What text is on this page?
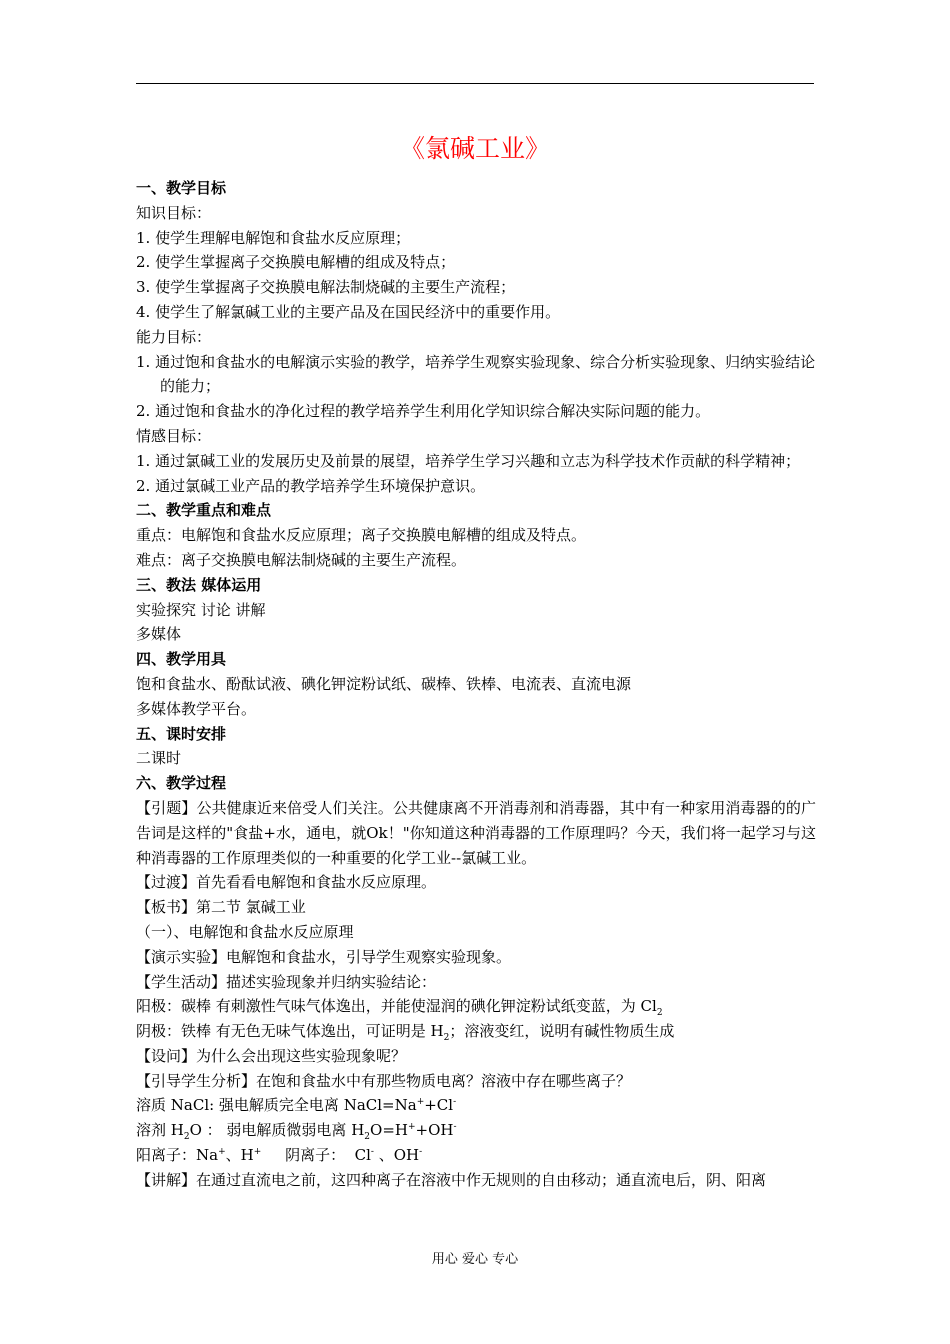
《氯碱工业》

一、教学目标

知识目标：

1. 使学生理解电解饱和食盐水反应原理；

2. 使学生掌握离子交换膜电解槽的组成及特点；

3. 使学生掌握离子交换膜电解法制烧碱的主要生产流程；

4. 使学生了解氯碱工业的主要产品及在国民经济中的重要作用。

能力目标：

1. 通过饱和食盐水的电解演示实验的教学，培养学生观察实验现象、综合分析实验现象、归纳实验结论的能力；

2. 通过饱和食盐水的净化过程的教学培养学生利用化学知识综合解决实际问题的能力。

情感目标：

1. 通过氯碱工业的发展历史及前景的展望，培养学生学习兴趣和立志为科学技术作贡献的科学精神；

2. 通过氯碱工业产品的教学培养学生环境保护意识。

二、教学重点和难点

重点：电解饱和食盐水反应原理；离子交换膜电解槽的组成及特点。

难点：离子交换膜电解法制烧碱的主要生产流程。

三、教法 媒体运用

实验探究 讨论 讲解

多媒体

四、教学用具

饱和食盐水、酚酞试液、碘化钾淀粉试纸、碳棒、铁棒、电流表、直流电源

多媒体教学平台。

五、课时安排

二课时

六、教学过程

【引题】公共健康近来倍受人们关注。公共健康离不开消毒剂和消毒器，其中有一种家用消毒器的的广告词是这样的"食盐+水，通电，就Ok！"你知道这种消毒器的工作原理吗？今天，我们将一起学习与这种消毒器的工作原理类似的一种重要的化学工业--氯碱工业。

【过渡】首先看看电解饱和食盐水反应原理。

【板书】第二节 氯碱工业

（一）、电解饱和食盐水反应原理

【演示实验】电解饱和食盐水，引导学生观察实验现象。

【学生活动】描述实验现象并归纳实验结论：

阳极：碳棒 有刺激性气味气体逸出，并能使湿润的碘化钾淀粉试纸变蓝，为 $Cl_2$

阴极：铁棒 有无色无味气体逸出，可证明是 $H_2$；溶液变红，说明有碱性物质生成

【设问】为什么会出现这些实验现象呢？

【引导学生分析】在饱和食盐水中有那些物质电离？溶液中存在哪些离子？

溶质 NaCl: 强电解质完全电离 NaCl=Na++Cl-

溶剂 $H_2O$ ： 弱电解质微弱电离 $H_2O=H^++OH^-$

阳离子：Na+、H+     阴离子：  Cl- 、OH-

【讲解】在通过直流电之前，这四种离子在溶液中作无规则的自由移动；通直流电后，阴、阳离

用心 爱心 专心
